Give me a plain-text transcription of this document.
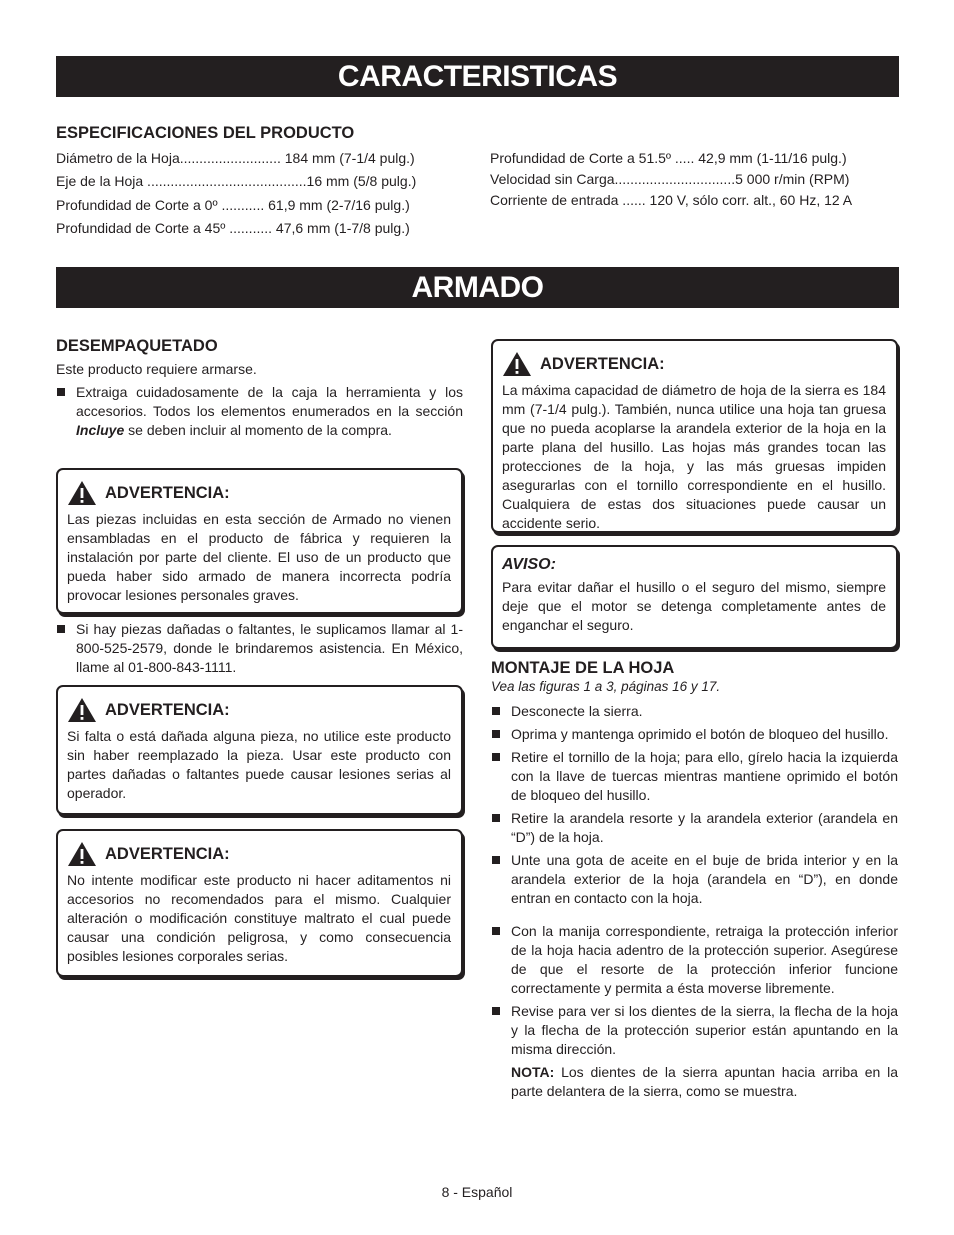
CARACTERISTICAS
ESPECIFICACIONES DEL PRODUCTO
Diámetro de la Hoja.......................... 184 mm (7-1/4 pulg.)
Eje de la Hoja .........................................16 mm (5/8 pulg.)
Profundidad de Corte a 0º ........... 61,9 mm (2-7/16 pulg.)
Profundidad de Corte a 45º ........... 47,6 mm (1-7/8 pulg.)
Profundidad de Corte a 51.5º ..... 42,9 mm (1-11/16 pulg.)
Velocidad sin Carga...............................5 000 r/min (RPM)
Corriente de entrada ...... 120 V, sólo corr. alt., 60 Hz, 12 A
ARMADO
DESEMPAQUETADO

Este producto requiere armarse.

Extraiga cuidadosamente de la caja la herramienta y los accesorios. Todos los elementos enumerados en la sección Incluye se deben incluir al momento de la compra.
ADVERTENCIA:

Las piezas incluidas en esta sección de Armado no vienen ensambladas en el producto de fábrica y requieren la instalación por parte del cliente. El uso de un producto que pueda haber sido armado de manera incorrecta podría provocar lesiones personales graves.

Si hay piezas dañadas o faltantes, le suplicamos llamar al 1-800-525-2579, donde le brindaremos asistencia. En México, llame al 01-800-843-1111.
ADVERTENCIA:

Si falta o está dañada alguna pieza, no utilice este producto sin haber reemplazado la pieza. Usar este producto con partes dañadas o faltantes puede causar lesiones serias al operador.

ADVERTENCIA:

No intente modificar este producto ni hacer aditamentos ni accesorios no recomendados para el mismo. Cualquier alteración o modificación constituye maltrato el cual puede causar una condición peligrosa, y como consecuencia posibles lesiones corporales serias.

ADVERTENCIA:

La máxima capacidad de diámetro de hoja de la sierra es 184 mm (7-1/4 pulg.). También, nunca utilice una hoja tan gruesa que no pueda acoplarse la arandela exterior de la hoja en la parte plana del husillo. Las hojas más grandes tocan las protecciones de la hoja, y las más gruesas impiden asegurarlas con el tornillo correspondiente en el husillo. Cualquiera de estas dos situaciones puede causar un accidente serio.

AVISO:

Para evitar dañar el husillo o el seguro del mismo, siempre deje que el motor se detenga completamente antes de enganchar el seguro.

MONTAJE DE LA HOJA
Vea las figuras 1 a 3, páginas 16 y 17.
Desconecte la sierra.
Oprima y mantenga oprimido el botón de bloqueo del husillo.
Retire el tornillo de la hoja; para ello, gírelo hacia la izquierda con la llave de tuercas mientras mantiene oprimido el botón de bloqueo del husillo.
Retire la arandela resorte y la arandela exterior (arandela en “D”) de la hoja.
Unte una gota de aceite en el buje de brida interior y en la arandela exterior de la hoja (arandela en “D”), en donde entran en contacto con la hoja.
Con la manija correspondiente, retraiga la protección inferior de la hoja hacia adentro de la protección superior. Asegúrese de que el resorte de la protección inferior funcione correctamente y permita a ésta moverse libremente.
Revise para ver si los dientes de la sierra, la flecha de la hoja y la flecha de la protección superior están apuntando en la misma dirección.
NOTA: Los dientes de la sierra apuntan hacia arriba en la parte delantera de la sierra, como se muestra.
8 - Español
